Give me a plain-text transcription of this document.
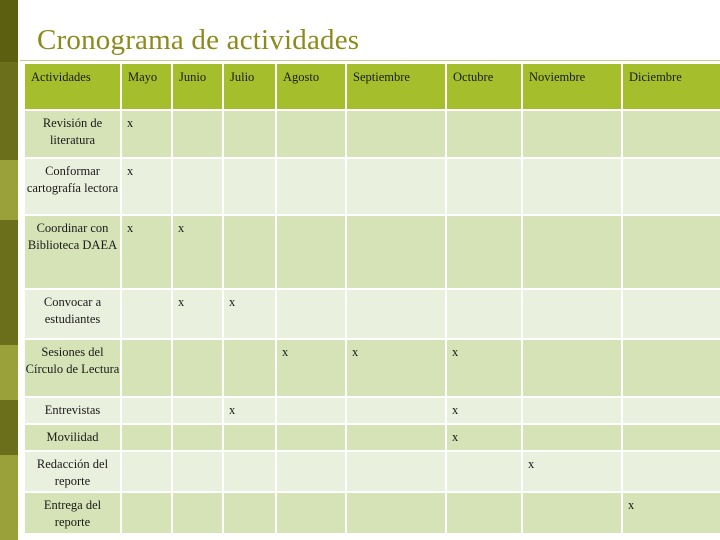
Cronograma de actividades
Actividades	Mayo	Junio	Julio	Agosto	Septiembre	Octubre	Noviembre	Diciembre
Revisión de literatura	x							
Conformar cartografía lectora	x							
Coordinar con Biblioteca DAEA	x	x						
Convocar a estudiantes		x	x					
Sesiones del Círculo de Lectura				x	x	x		
Entrevistas			x			x		
Movilidad						x		
Redacción del reporte							x	
Entrega del reporte								x
